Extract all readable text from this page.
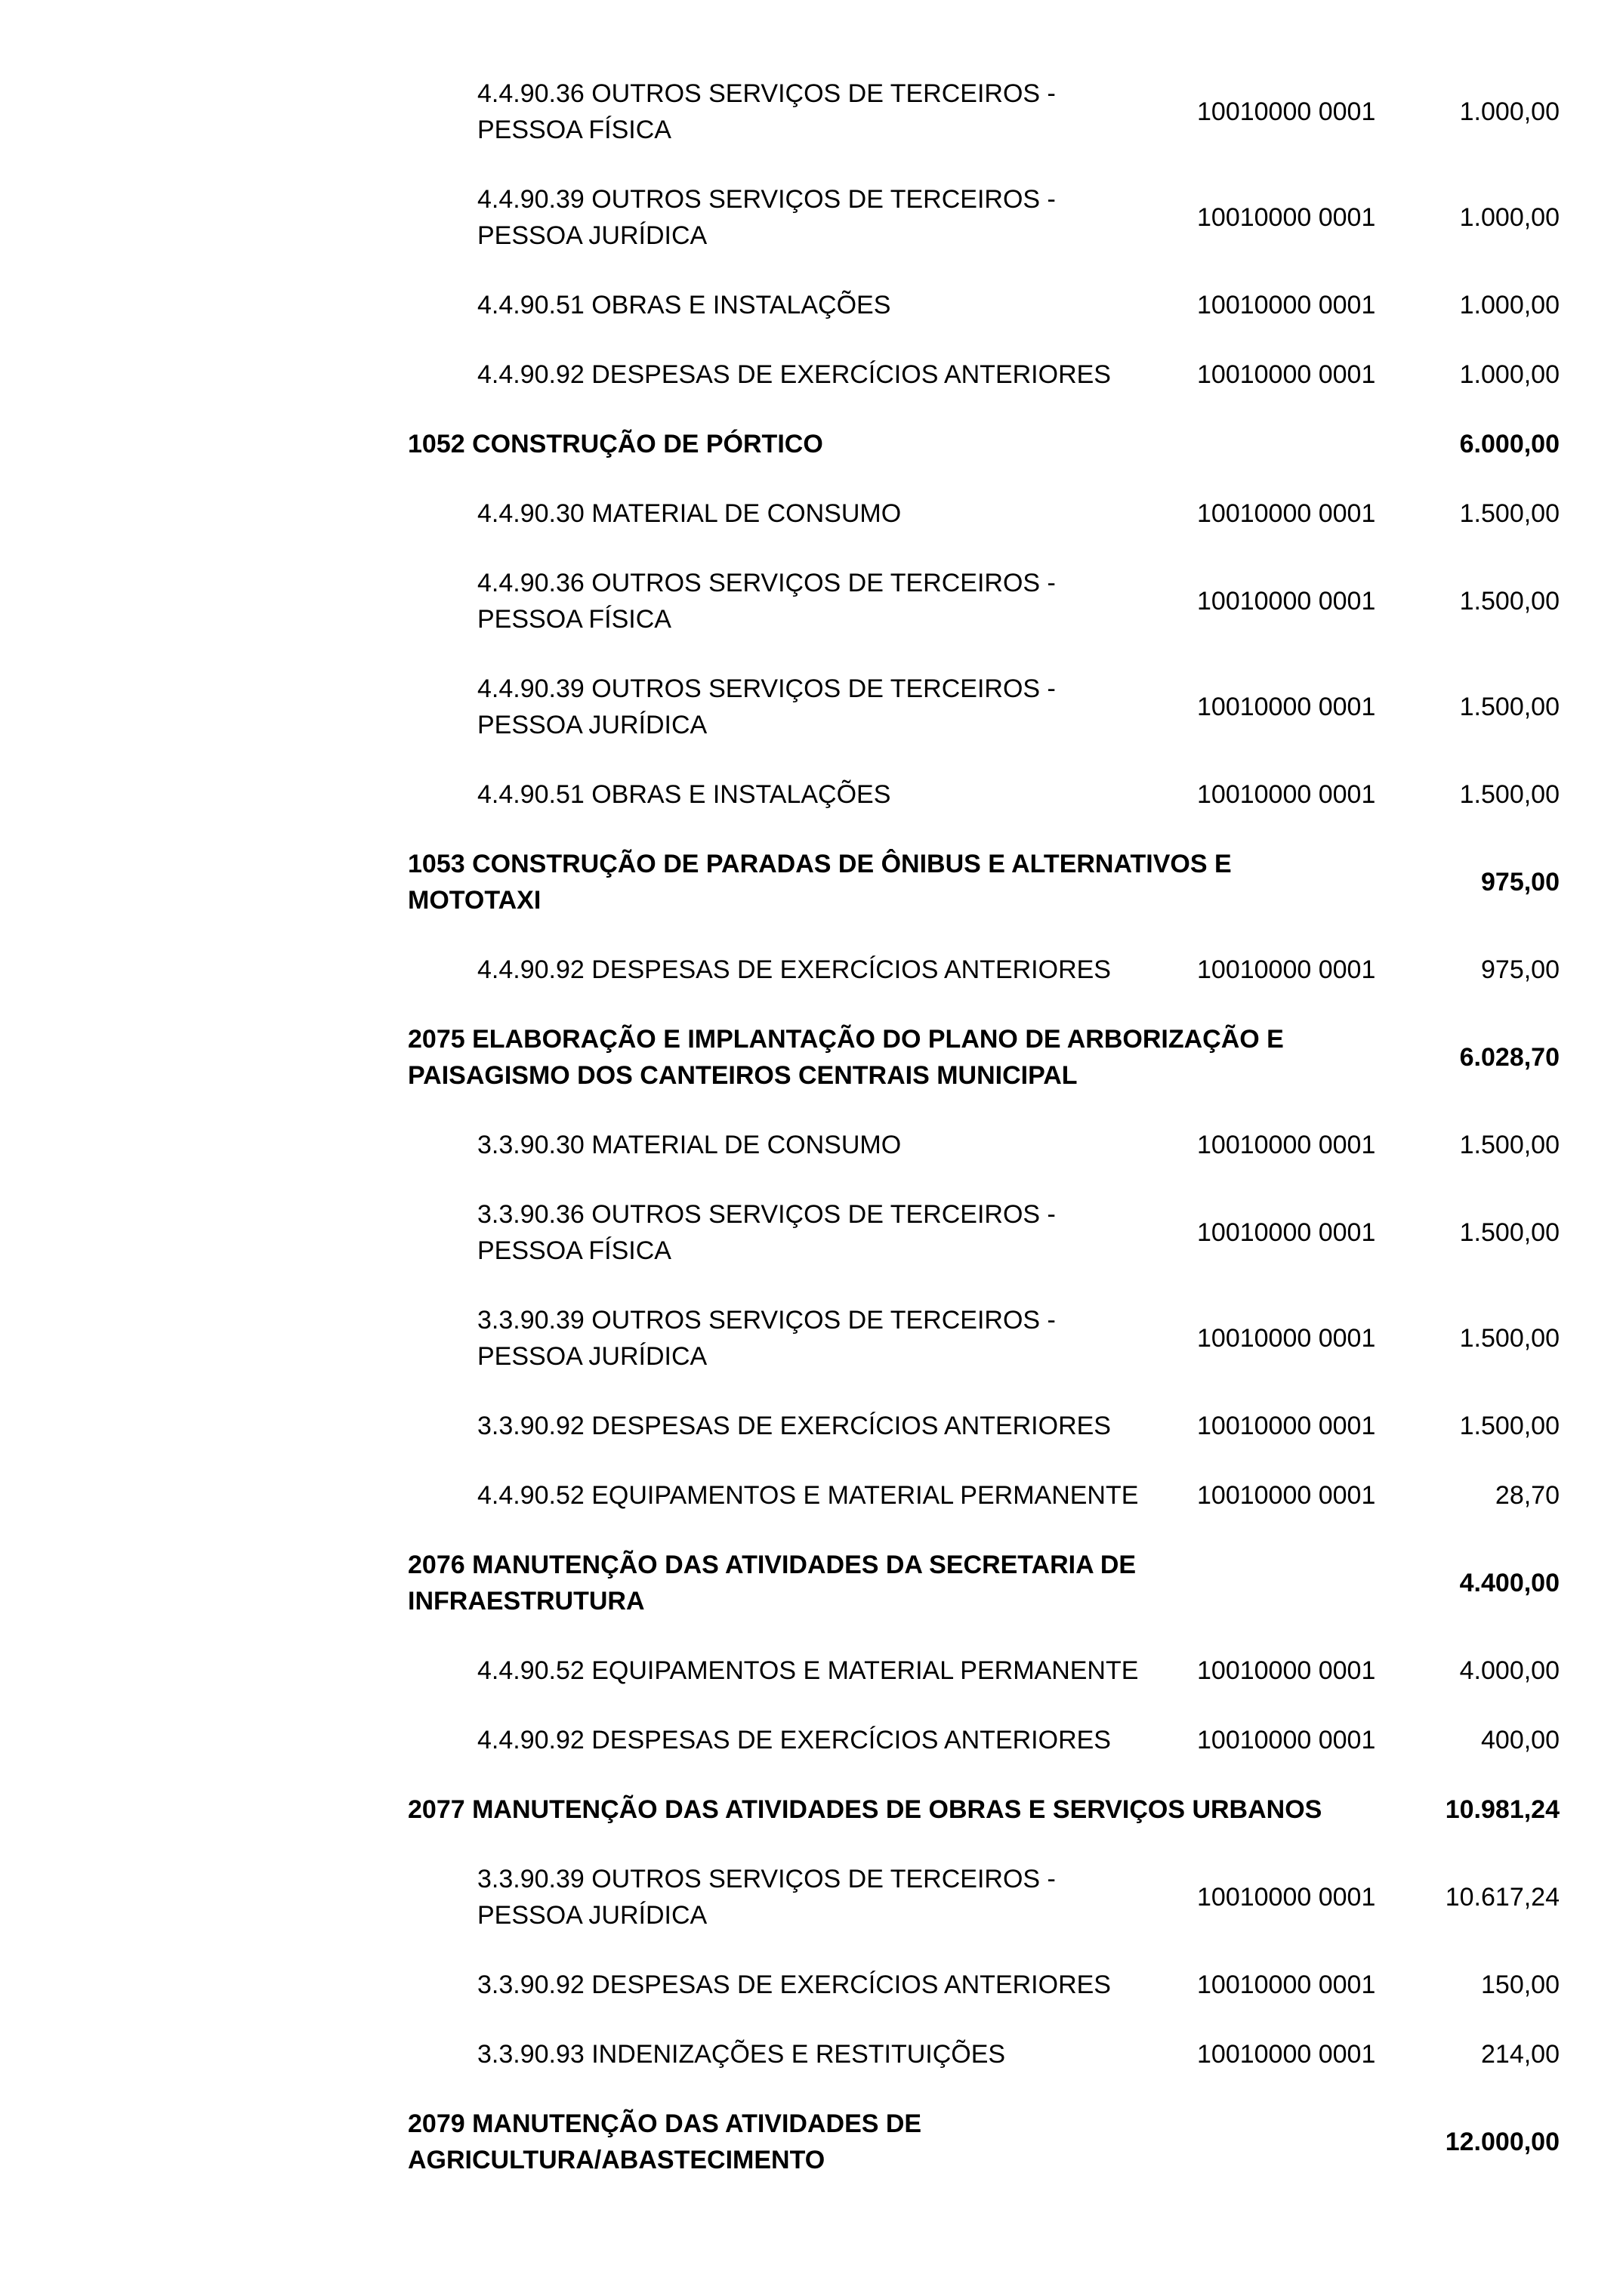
4.4.90.36 OUTROS SERVIÇOS DE TERCEIROS -
PESSOA FÍSICA
10010000 0001	1.000,00
4.4.90.39 OUTROS SERVIÇOS DE TERCEIROS -
PESSOA JURÍDICA
10010000 0001	1.000,00
4.4.90.51 OBRAS E INSTALAÇÕES	10010000 0001	1.000,00
4.4.90.92 DESPESAS DE EXERCÍCIOS ANTERIORES	10010000 0001	1.000,00
1052 CONSTRUÇÃO DE PÓRTICO	6.000,00
4.4.90.30 MATERIAL DE CONSUMO	10010000 0001	1.500,00
4.4.90.36 OUTROS SERVIÇOS DE TERCEIROS -
PESSOA FÍSICA
10010000 0001	1.500,00
4.4.90.39 OUTROS SERVIÇOS DE TERCEIROS -
PESSOA JURÍDICA
10010000 0001	1.500,00
4.4.90.51 OBRAS E INSTALAÇÕES	10010000 0001	1.500,00
1053 CONSTRUÇÃO DE PARADAS DE ÔNIBUS E ALTERNATIVOS E
MOTOTAXI
975,00
4.4.90.92 DESPESAS DE EXERCÍCIOS ANTERIORES	10010000 0001	975,00
2075 ELABORAÇÃO E IMPLANTAÇÃO DO PLANO DE ARBORIZAÇÃO E
PAISAGISMO DOS CANTEIROS CENTRAIS MUNICIPAL
6.028,70
3.3.90.30 MATERIAL DE CONSUMO	10010000 0001	1.500,00
3.3.90.36 OUTROS SERVIÇOS DE TERCEIROS -
PESSOA FÍSICA
10010000 0001	1.500,00
3.3.90.39 OUTROS SERVIÇOS DE TERCEIROS -
PESSOA JURÍDICA
10010000 0001	1.500,00
3.3.90.92 DESPESAS DE EXERCÍCIOS ANTERIORES	10010000 0001	1.500,00
4.4.90.52 EQUIPAMENTOS E MATERIAL PERMANENTE	10010000 0001	28,70
2076 MANUTENÇÃO DAS ATIVIDADES DA SECRETARIA DE
INFRAESTRUTURA
4.400,00
4.4.90.52 EQUIPAMENTOS E MATERIAL PERMANENTE	10010000 0001	4.000,00
4.4.90.92 DESPESAS DE EXERCÍCIOS ANTERIORES	10010000 0001	400,00
2077 MANUTENÇÃO DAS ATIVIDADES DE OBRAS E SERVIÇOS URBANOS	10.981,24
3.3.90.39 OUTROS SERVIÇOS DE TERCEIROS -
PESSOA JURÍDICA
10010000 0001	10.617,24
3.3.90.92 DESPESAS DE EXERCÍCIOS ANTERIORES	10010000 0001	150,00
3.3.90.93 INDENIZAÇÕES E RESTITUIÇÕES	10010000 0001	214,00
2079 MANUTENÇÃO DAS ATIVIDADES DE
AGRICULTURA/ABASTECIMENTO
12.000,00
